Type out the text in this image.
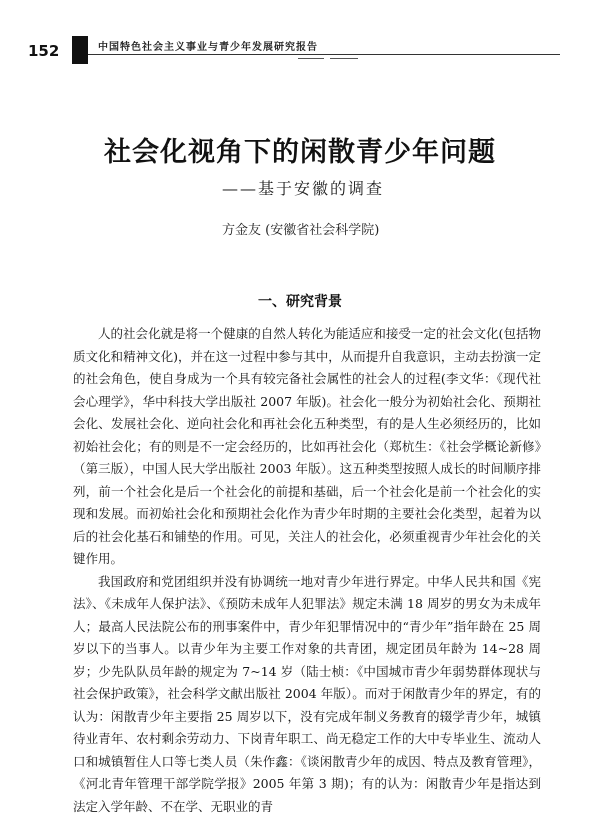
152	中国特色社会主义事业与青少年发展研究报告
社会化视角下的闲散青少年问题
——基于安徽的调查
方金友 (安徽省社会科学院)
一、研究背景

人的社会化就是将一个健康的自然人转化为能适应和接受一定的社会文化(包括物质文化和精神文化)，并在这一过程中参与其中，从而提升自我意识，主动去扮演一定的社会角色，使自身成为一个具有较完备社会属性的社会人的过程(李文华：《现代社会心理学》，华中科技大学出版社 2007 年版)。社会化一般分为初始社会化、预期社会化、发展社会化、逆向社会化和再社会化五种类型，有的是人生必须经历的，比如初始社会化；有的则是不一定会经历的，比如再社会化（郑杭生：《社会学概论新修》（第三版），中国人民大学出版社 2003 年版）。这五种类型按照人成长的时间顺序排列，前一个社会化是后一个社会化的前提和基础，后一个社会化是前一个社会化的实现和发展。而初始社会化和预期社会化作为青少年时期的主要社会化类型，起着为以后的社会化基石和铺垫的作用。可见，关注人的社会化，必须重视青少年社会化的关键作用。

我国政府和党团组织并没有协调统一地对青少年进行界定。中华人民共和国《宪法》、《未成年人保护法》、《预防未成年人犯罪法》规定未满 18 周岁的男女为未成年人；最高人民法院公布的刑事案件中，青少年犯罪情况中的“青少年”指年龄在 25 周岁以下的当事人。以青少年为主要工作对象的共青团，规定团员年龄为 14~28 周岁；少先队队员年龄的规定为 7~14 岁（陆士桢：《中国城市青少年弱势群体现状与社会保护政策》，社会科学文献出版社 2004 年版）。而对于闲散青少年的界定，有的认为：闲散青少年主要指 25 周岁以下，没有完成年制义务教育的辍学青少年，城镇待业青年、农村剩余劳动力、下岗青年职工、尚无稳定工作的大中专毕业生、流动人口和城镇暂住人口等七类人员（朱作鑫：《谈闲散青少年的成因、特点及教育管理》，《河北青年管理干部学院学报》2005 年第 3 期)；有的认为：闲散青少年是指达到法定入学年龄、不在学、无职业的青
